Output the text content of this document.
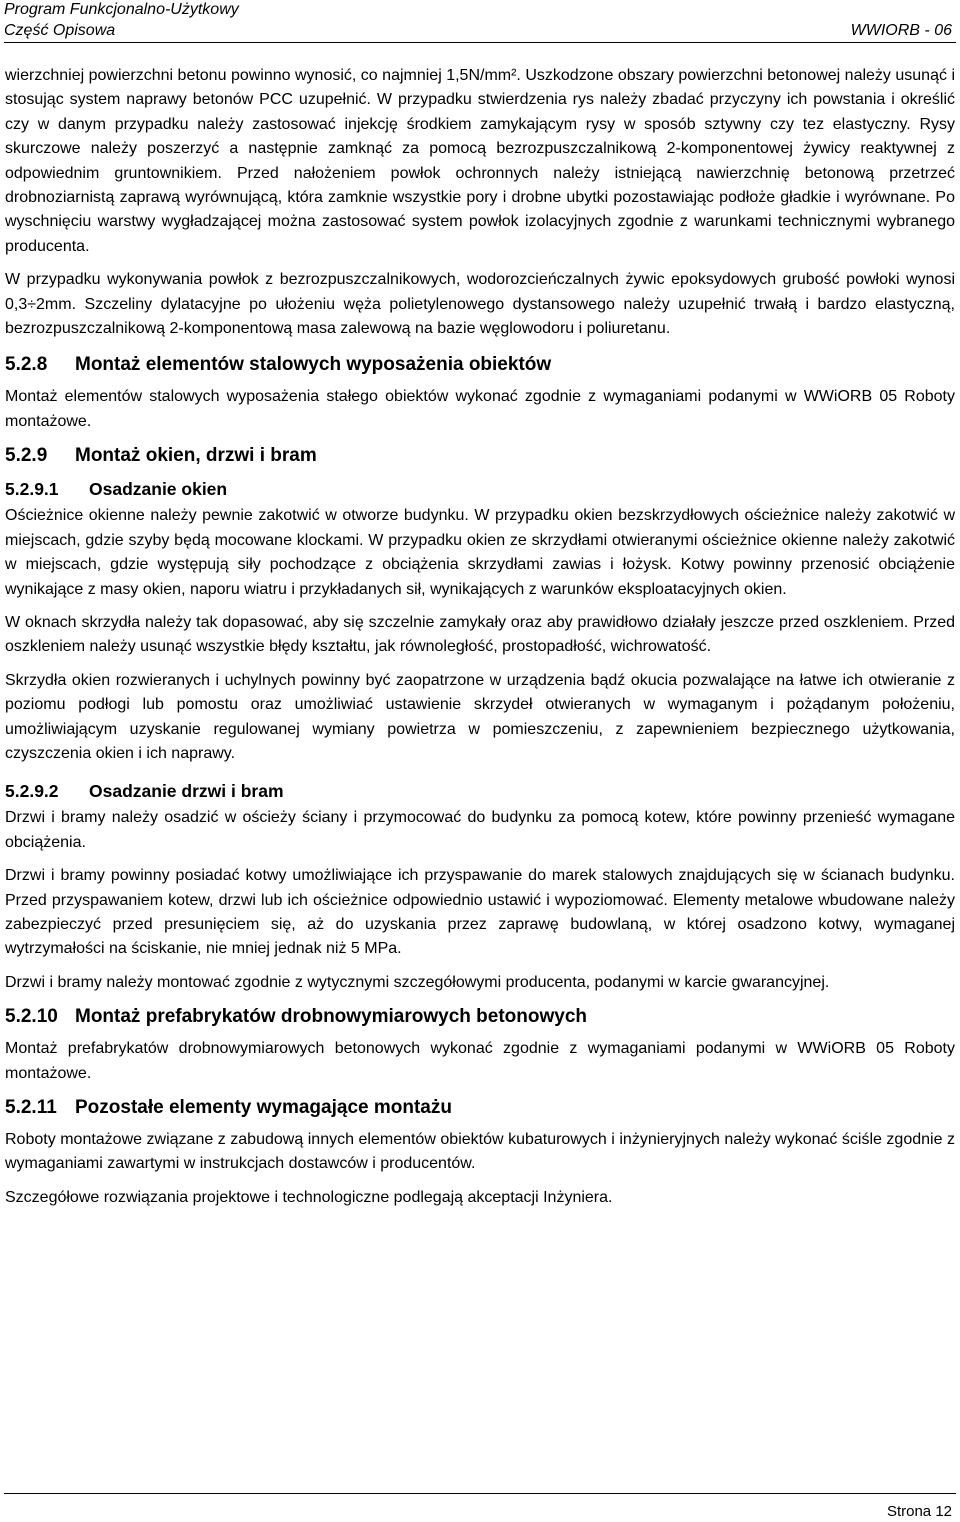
Program Funkcjonalno-Użytkowy
Część Opisowa	WWIORB - 06

wierzchniej powierzchni betonu powinno wynosić, co najmniej 1,5N/mm². Uszkodzone obszary powierzchni betonowej należy usunąć i stosując system naprawy betonów PCC uzupełnić. W przypadku stwierdzenia rys należy zbadać przyczyny ich powstania i określić czy w danym przypadku należy zastosować injekcję środkiem zamykającym rysy w sposób sztywny czy tez elastyczny. Rysy skurczowe należy poszerzyć a następnie zamknąć za pomocą bezrozpuszczalnikową 2-komponentowej żywicy reaktywnej z odpowiednim gruntownikiem. Przed nałożeniem powłok ochronnych należy istniejącą nawierzchnię betonową przetrzeć drobnoziarnistą zaprawą wyrównującą, która zamknie wszystkie pory i drobne ubytki pozostawiając podłoże gładkie i wyrównane. Po wyschnięciu warstwy wygładzającej można zastosować system powłok izolacyjnych zgodnie z warunkami technicznymi wybranego producenta.

W przypadku wykonywania powłok z bezrozpuszczalnikowych, wodorozcieńczalnych żywic epoksydowych grubość powłoki wynosi 0,3÷2mm. Szczeliny dylatacyjne po ułożeniu węża polietylenowego dystansowego należy uzupełnić trwałą i bardzo elastyczną, bezrozpuszczalnikową 2-komponentową masa zalewową na bazie węglowodoru i poliuretanu.

5.2.8 Montaż elementów stalowych wyposażenia obiektów

Montaż elementów stalowych wyposażenia stałego obiektów wykonać zgodnie z wymaganiami podanymi w WWiORB 05 Roboty montażowe.

5.2.9 Montaż okien, drzwi i bram
5.2.9.1 Osadzanie okien

Ościeżnice okienne należy pewnie zakotwić w otworze budynku. W przypadku okien bezskrzydłowych ościeżnice należy zakotwić w miejscach, gdzie szyby będą mocowane klockami. W przypadku okien ze skrzydłami otwieranymi ościeżnice okienne należy zakotwić w miejscach, gdzie występują siły pochodzące z obciążenia skrzydłami zawias i łożysk. Kotwy powinny przenosić obciążenie wynikające z masy okien, naporu wiatru i przykładanych sił, wynikających z warunków eksploatacyjnych okien.

W oknach skrzydła należy tak dopasować, aby się szczelnie zamykały oraz aby prawidłowo działały jeszcze przed oszkleniem. Przed oszkleniem należy usunąć wszystkie błędy kształtu, jak równoległość, prostopadłość, wichrowatość.

Skrzydła okien rozwieranych i uchylnych powinny być zaopatrzone w urządzenia bądź okucia pozwalające na łatwe ich otwieranie z poziomu podłogi lub pomostu oraz umożliwiać ustawienie skrzydeł otwieranych w wymaganym i pożądanym położeniu, umożliwiającym uzyskanie regulowanej wymiany powietrza w pomieszczeniu, z zapewnieniem bezpiecznego użytkowania, czyszczenia okien i ich naprawy.

5.2.9.2 Osadzanie drzwi i bram

Drzwi i bramy należy osadzić w ościeży ściany i przymocować do budynku za pomocą kotew, które powinny przenieść wymagane obciążenia.

Drzwi i bramy powinny posiadać kotwy umożliwiające ich przyspawanie do marek stalowych znajdujących się w ścianach budynku. Przed przyspawaniem kotew, drzwi lub ich ościeżnice odpowiednio ustawić i wypoziomować. Elementy metalowe wbudowane należy zabezpieczyć przed presunięciem się, aż do uzyskania przez zaprawę budowlaną, w której osadzono kotwy, wymaganej wytrzymałości na ściskanie, nie mniej jednak niż 5 MPa.

Drzwi i bramy należy montować zgodnie z wytycznymi szczegółowymi producenta, podanymi w karcie gwarancyjnej.

5.2.10 Montaż prefabrykatów drobnowymiarowych betonowych

Montaż prefabrykatów drobnowymiarowych betonowych wykonać zgodnie z wymaganiami podanymi w WWiORB 05 Roboty montażowe.

5.2.11 Pozostałe elementy wymagające montażu

Roboty montażowe związane z zabudową innych elementów obiektów kubaturowych i inżynieryjnych należy wykonać ściśle zgodnie z wymaganiami zawartymi w instrukcjach dostawców i producentów.

Szczegółowe rozwiązania projektowe i technologiczne podlegają akceptacji Inżyniera.

Strona 12
